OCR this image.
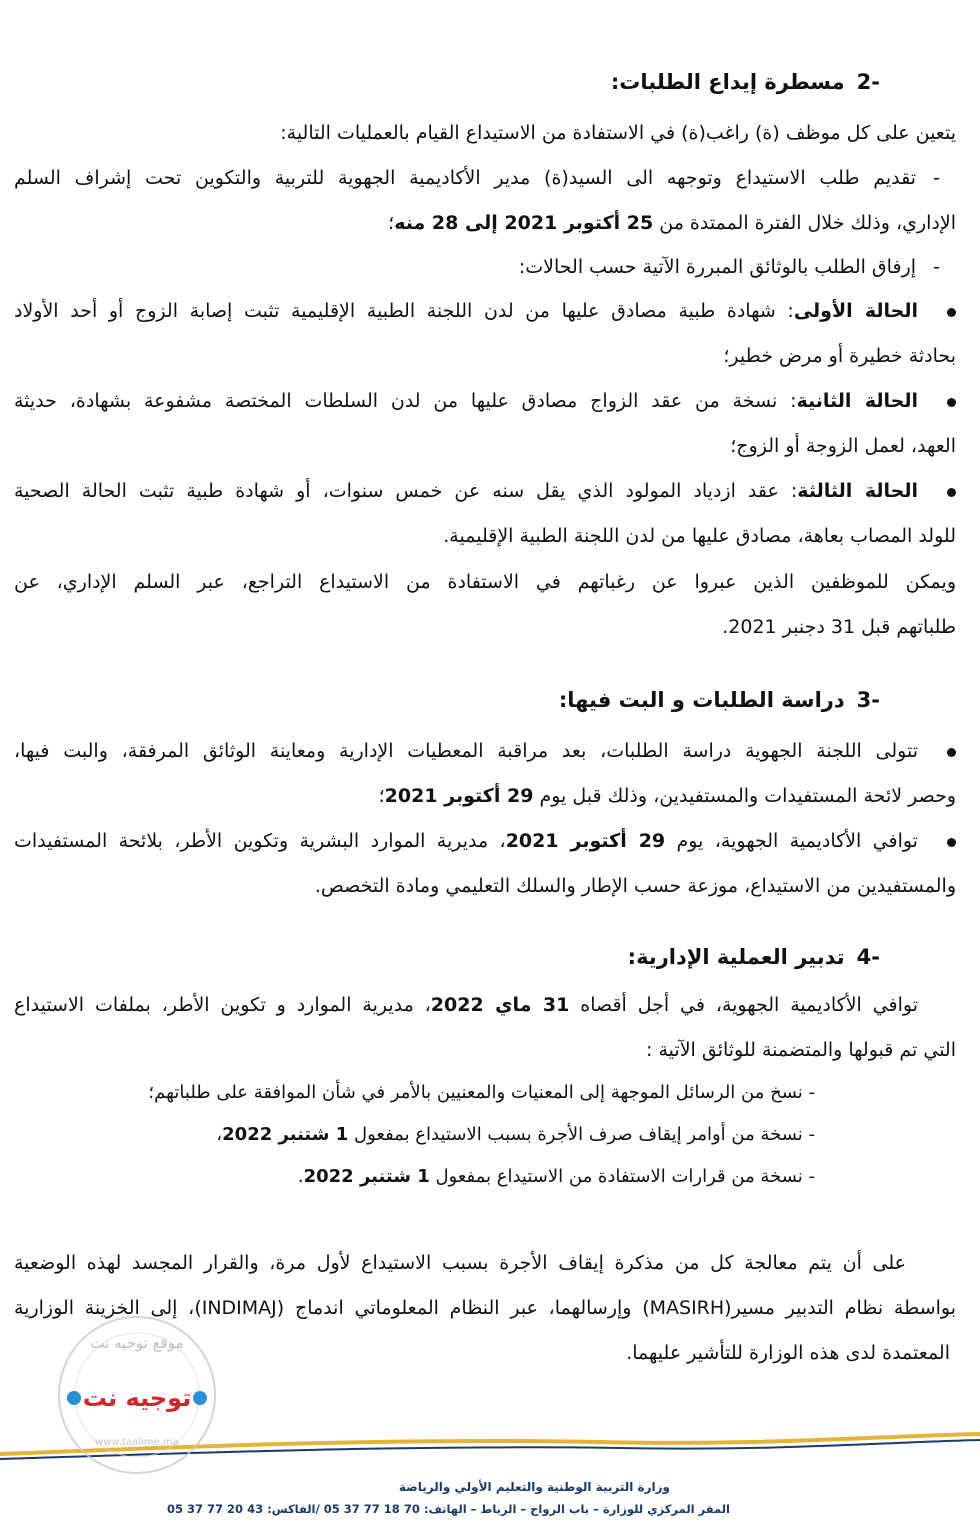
-2مسطرة إيداع الطلبات:
يتعين على كل موظف (ة) راغب(ة) في الاستفادة من الاستيداع القيام بالعمليات التالية:
-
تقديم طلب الاستيداع وتوجهه الى السيد(ة) مدير الأكاديمية الجهوية للتربية والتكوين تحت إشراف السلم
الإداري، وذلك خلال الفترة الممتدة من 25 أكتوبر 2021 إلى 28 منه؛
-
إرفاق الطلب بالوثائق المبررة الآتية حسب الحالات:
الحالة الأولى: شهادة طبية مصادق عليها من لدن اللجنة الطبية الإقليمية تثبت إصابة الزوج أو أحد الأولاد
بحادثة خطيرة أو مرض خطير؛
الحالة الثانية: نسخة من عقد الزواج مصادق عليها من لدن السلطات المختصة مشفوعة بشهادة، حديثة
العهد، لعمل الزوجة أو الزوج؛
الحالة الثالثة: عقد ازدياد المولود الذي يقل سنه عن خمس سنوات، أو شهادة طبية تثبت الحالة الصحية
للولد المصاب بعاهة، مصادق عليها من لدن اللجنة الطبية الإقليمية.
ويمكن للموظفين الذين عبروا عن رغباتهم في الاستفادة من الاستيداع التراجع، عبر السلم الإداري، عن
طلباتهم قبل 31 دجنبر 2021.
-3دراسة الطلبات و البت فيها:
تتولى اللجنة الجهوية دراسة الطلبات، بعد مراقبة المعطيات الإدارية ومعاينة الوثائق المرفقة، والبت فيها،
وحصر لائحة المستفيدات والمستفيدين، وذلك قبل يوم 29 أكتوبر 2021؛
توافي الأكاديمية الجهوية، يوم 29 أكتوبر 2021، مديرية الموارد البشرية وتكوين الأطر، بلائحة المستفيدات
والمستفيدين من الاستيداع، موزعة حسب الإطار والسلك التعليمي ومادة التخصص.
-4تدبير العملية الإدارية:
توافي الأكاديمية الجهوية، في أجل أقصاه 31 ماي 2022، مديرية الموارد و تكوين الأطر، بملفات الاستيداع
التي تم قبولها والمتضمنة للوثائق الآتية :
- نسخ من الرسائل الموجهة إلى المعنيات والمعنيين بالأمر في شأن الموافقة على طلباتهم؛
- نسخة من أوامر إيقاف صرف الأجرة بسبب الاستيداع بمفعول 1 شتنبر 2022،
- نسخة من قرارات الاستفادة من الاستيداع بمفعول 1 شتنبر 2022.
على أن يتم معالجة كل من مذكرة إيقاف الأجرة بسبب الاستيداع لأول مرة، والقرار المجسد لهذه الوضعية
بواسطة نظام التدبير مسير(MASIRH) وإرسالهما، عبر النظام المعلوماتي اندماج (INDIMAJ)، إلى الخزينة الوزارية
المعتمدة لدى هذه الوزارة للتأشير عليهما.
وزارة التربية الوطنية والتعليم الأولي والرياضة
المقر المركزي للوزارة – باب الرواح – الرباط – الهاتف: 70 18 77 37 05 /الفاكس: 43 20 77 37 05
موقع توجيه نت
توجيه نت
www.taalime.ma
